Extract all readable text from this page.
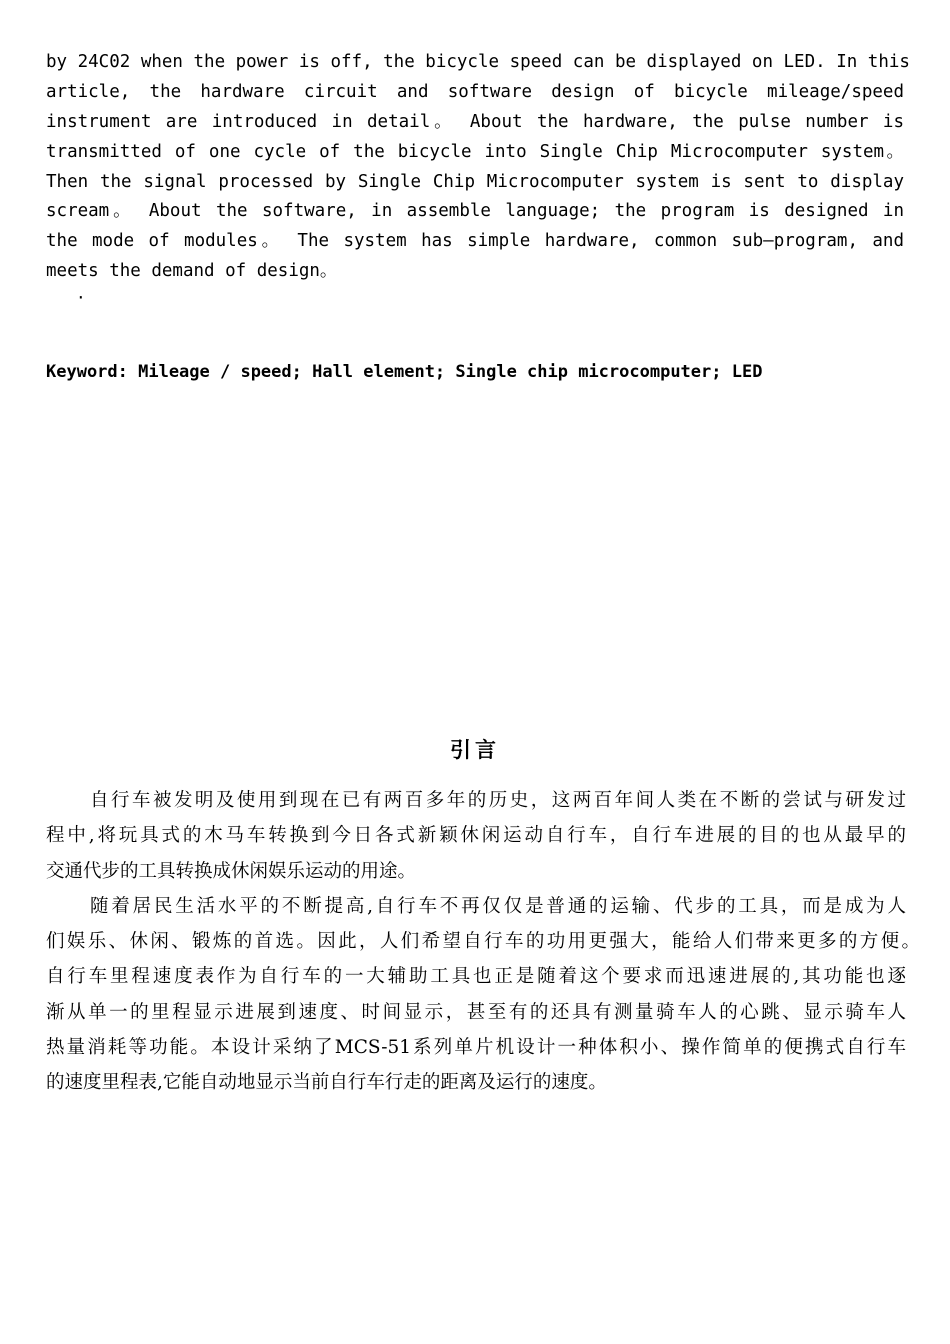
by 24C02 when the power is off, the bicycle speed can be displayed on LED. In this
article, the hardware circuit and software design of bicycle mileage/speed
instrument are introduced in detail。 About the hardware, the pulse number is
transmitted of one cycle of the bicycle into Single Chip Microcomputer system。
Then the signal processed by Single Chip Microcomputer system is sent to display
scream。 About the software, in assemble language; the program is designed in
the mode of modules。 The system has simple hardware, common sub—program, and
meets the demand of design。
·
Keyword: Mileage / speed; Hall element; Single chip microcomputer; LED
引言
自行车被发明及使用到现在已有两百多年的历史，这两百年间人类在不断的尝试与研发过
程中,将玩具式的木马车转换到今日各式新颖休闲运动自行车，自行车进展的目的也从最早的
交通代步的工具转换成休闲娱乐运动的用途。
随着居民生活水平的不断提高,自行车不再仅仅是普通的运输、代步的工具，而是成为人
们娱乐、休闲、锻炼的首选。因此，人们希望自行车的功用更强大，能给人们带来更多的方便。
自行车里程速度表作为自行车的一大辅助工具也正是随着这个要求而迅速进展的,其功能也逐
渐从单一的里程显示进展到速度、时间显示，甚至有的还具有测量骑车人的心跳、显示骑车人
热量消耗等功能。本设计采纳了MCS-51系列单片机设计一种体积小、操作简单的便携式自行车
的速度里程表,它能自动地显示当前自行车行走的距离及运行的速度。
